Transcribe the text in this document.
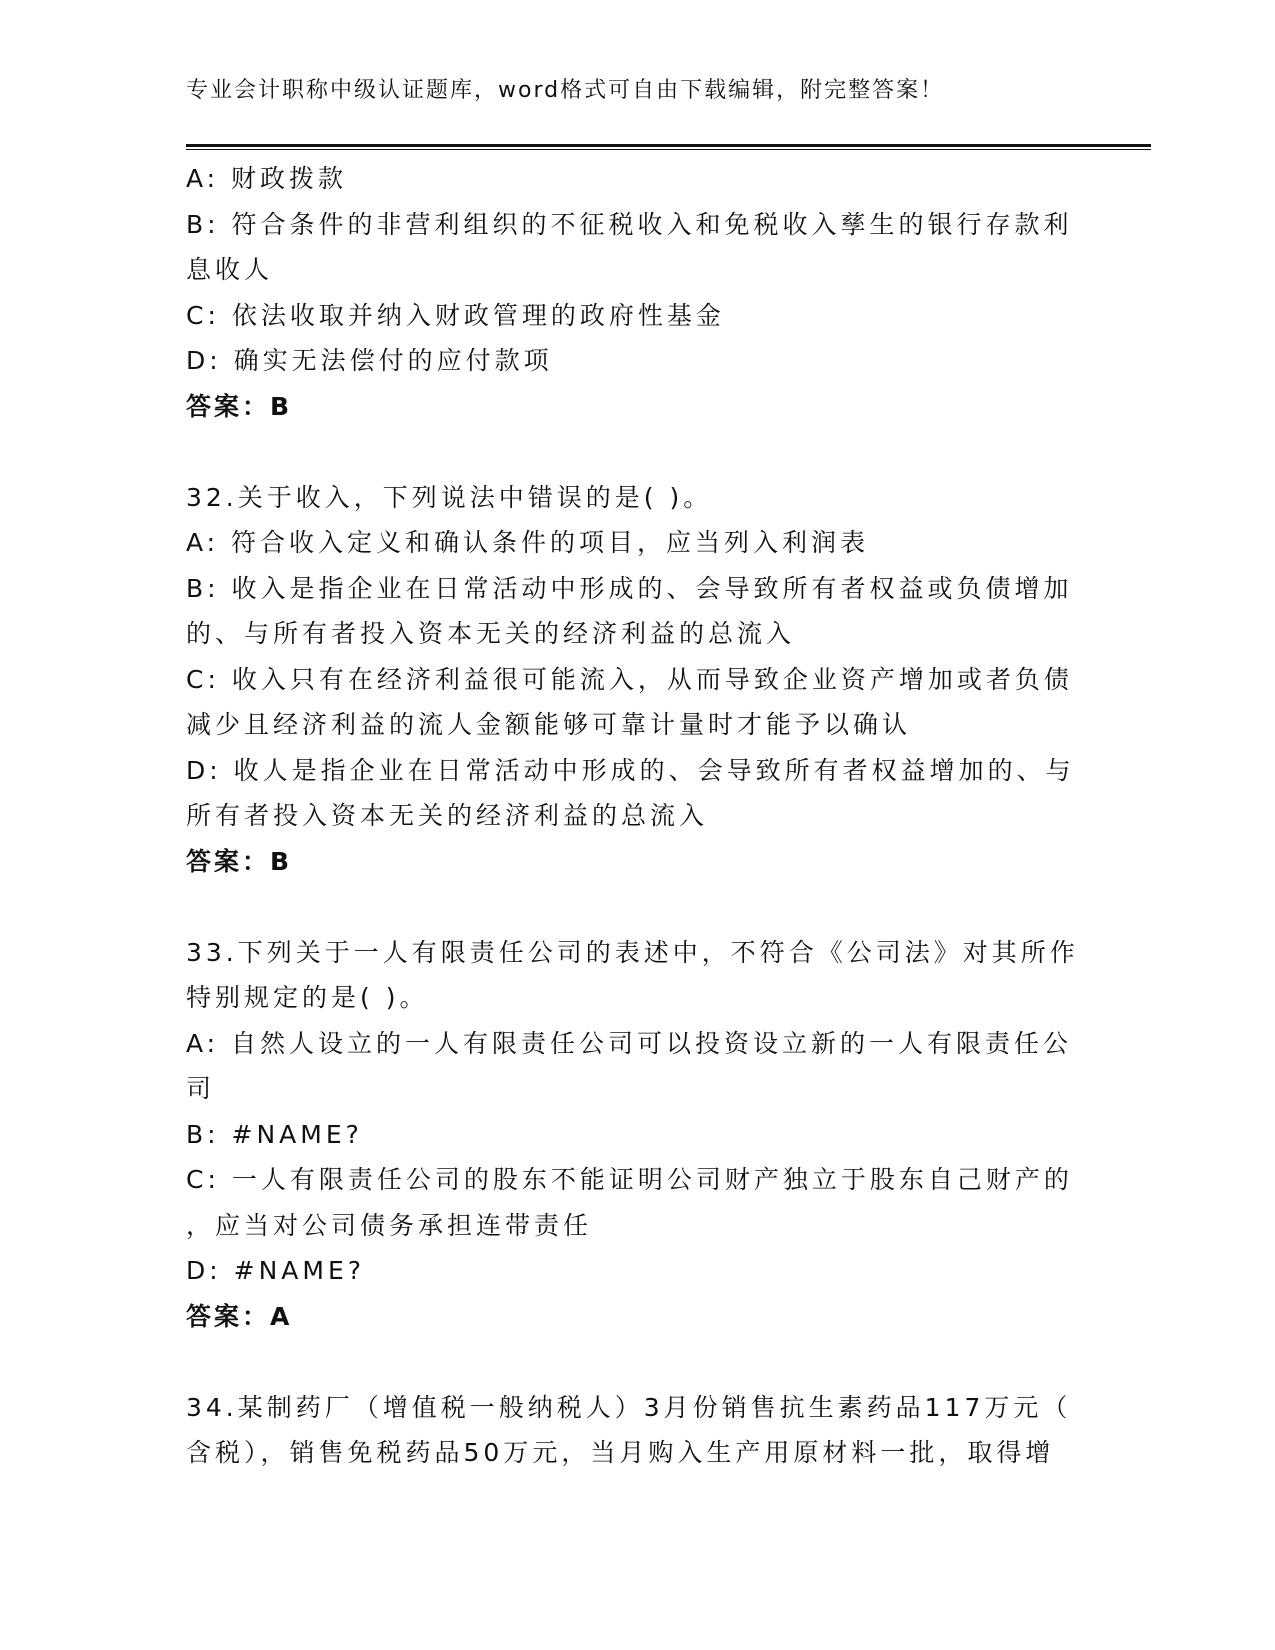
专业会计职称中级认证题库，word格式可自由下载编辑，附完整答案！
A: 财政拨款
B: 符合条件的非营利组织的不征税收入和免税收入孳生的银行存款利
息收人
C: 依法收取并纳入财政管理的政府性基金
D: 确实无法偿付的应付款项
答案：B
32.关于收入，下列说法中错误的是( )。
A: 符合收入定义和确认条件的项目，应当列入利润表
B: 收入是指企业在日常活动中形成的、会导致所有者权益或负债增加
的、与所有者投入资本无关的经济利益的总流入
C: 收入只有在经济利益很可能流入，从而导致企业资产增加或者负债
减少且经济利益的流人金额能够可靠计量时才能予以确认
D: 收人是指企业在日常活动中形成的、会导致所有者权益增加的、与
所有者投入资本无关的经济利益的总流入
答案：B
33.下列关于一人有限责任公司的表述中，不符合《公司法》对其所作
特别规定的是( )。
A: 自然人设立的一人有限责任公司可以投资设立新的一人有限责任公
司
B: #NAME?
C: 一人有限责任公司的股东不能证明公司财产独立于股东自己财产的
，应当对公司债务承担连带责任
D: #NAME?
答案：A
34.某制药厂（增值税一般纳税人）3月份销售抗生素药品117万元（
含税），销售免税药品50万元，当月购入生产用原材料一批，取得增
